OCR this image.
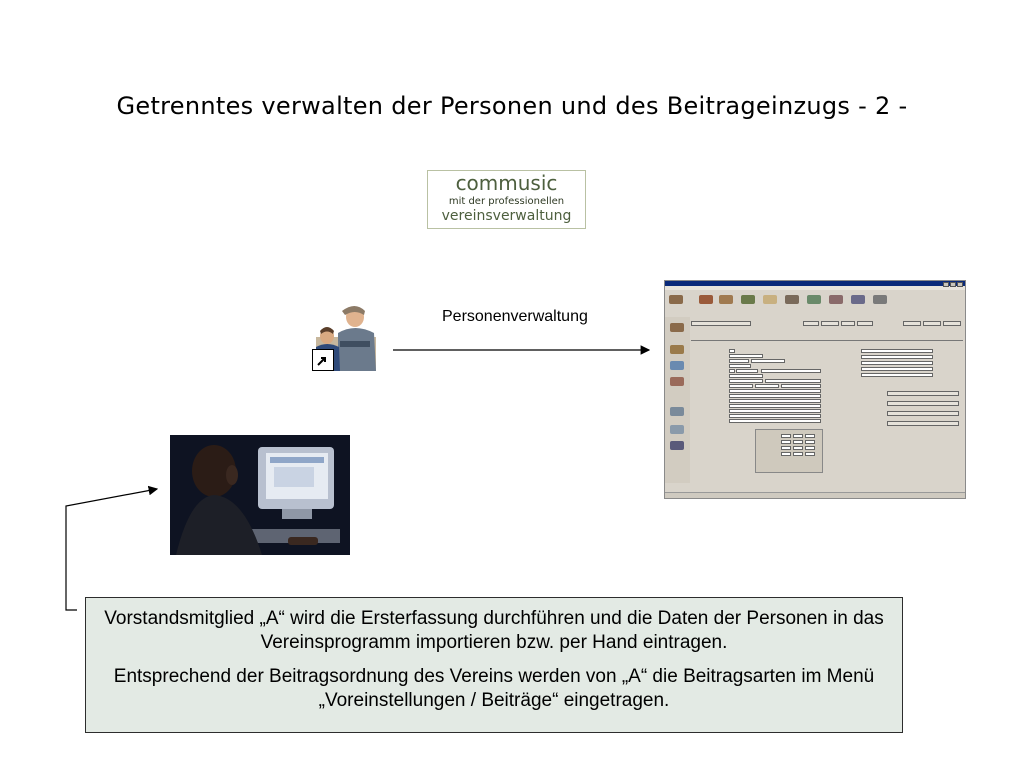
Getrenntes verwalten der Personen und des Beitrageinzugs - 2 -
commusic
mit der professionellen
vereinsverwaltung
Personenverwaltung

Vorstandsmitglied „A“ wird die Ersterfassung durchführen und die Daten der Personen in das Vereinsprogramm importieren bzw. per Hand eintragen.

Entsprechend der Beitragsordnung des Vereins werden von „A“ die Beitragsarten im Menü „Voreinstellungen / Beiträge“ eingetragen.
